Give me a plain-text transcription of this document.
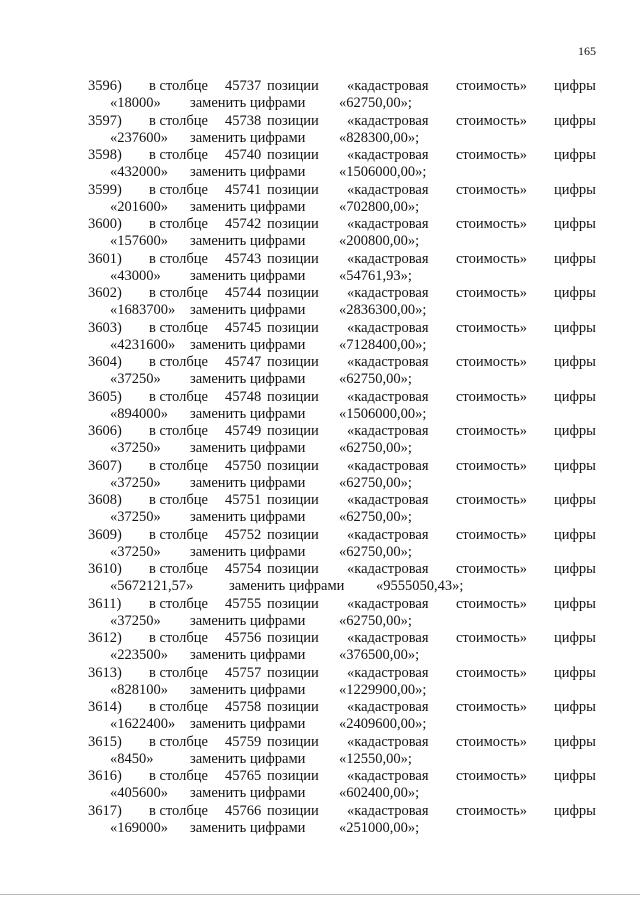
165
3596) в столбце 45737 позиции «кадастровая стоимость» цифры
«18000» заменить цифрами «62750,00»;
3597) в столбце 45738 позиции «кадастровая стоимость» цифры
«237600» заменить цифрами «828300,00»;
3598) в столбце 45740 позиции «кадастровая стоимость» цифры
«432000» заменить цифрами «1506000,00»;
3599) в столбце 45741 позиции «кадастровая стоимость» цифры
«201600» заменить цифрами «702800,00»;
3600) в столбце 45742 позиции «кадастровая стоимость» цифры
«157600» заменить цифрами «200800,00»;
3601) в столбце 45743 позиции «кадастровая стоимость» цифры
«43000» заменить цифрами «54761,93»;
3602) в столбце 45744 позиции «кадастровая стоимость» цифры
«1683700» заменить цифрами «2836300,00»;
3603) в столбце 45745 позиции «кадастровая стоимость» цифры
«4231600» заменить цифрами «7128400,00»;
3604) в столбце 45747 позиции «кадастровая стоимость» цифры
«37250» заменить цифрами «62750,00»;
3605) в столбце 45748 позиции «кадастровая стоимость» цифры
«894000» заменить цифрами «1506000,00»;
3606) в столбце 45749 позиции «кадастровая стоимость» цифры
«37250» заменить цифрами «62750,00»;
3607) в столбце 45750 позиции «кадастровая стоимость» цифры
«37250» заменить цифрами «62750,00»;
3608) в столбце 45751 позиции «кадастровая стоимость» цифры
«37250» заменить цифрами «62750,00»;
3609) в столбце 45752 позиции «кадастровая стоимость» цифры
«37250» заменить цифрами «62750,00»;
3610) в столбце 45754 позиции «кадастровая стоимость» цифры
«5672121,57» заменить цифрами «9555050,43»;
3611) в столбце 45755 позиции «кадастровая стоимость» цифры
«37250» заменить цифрами «62750,00»;
3612) в столбце 45756 позиции «кадастровая стоимость» цифры
«223500» заменить цифрами «376500,00»;
3613) в столбце 45757 позиции «кадастровая стоимость» цифры
«828100» заменить цифрами «1229900,00»;
3614) в столбце 45758 позиции «кадастровая стоимость» цифры
«1622400» заменить цифрами «2409600,00»;
3615) в столбце 45759 позиции «кадастровая стоимость» цифры
«8450»	заменить цифрами «12550,00»;
3616) в столбце 45765 позиции «кадастровая стоимость» цифры
«405600» заменить цифрами «602400,00»;
3617) в столбце 45766 позиции «кадастровая стоимость» цифры
«169000» заменить цифрами «251000,00»;
